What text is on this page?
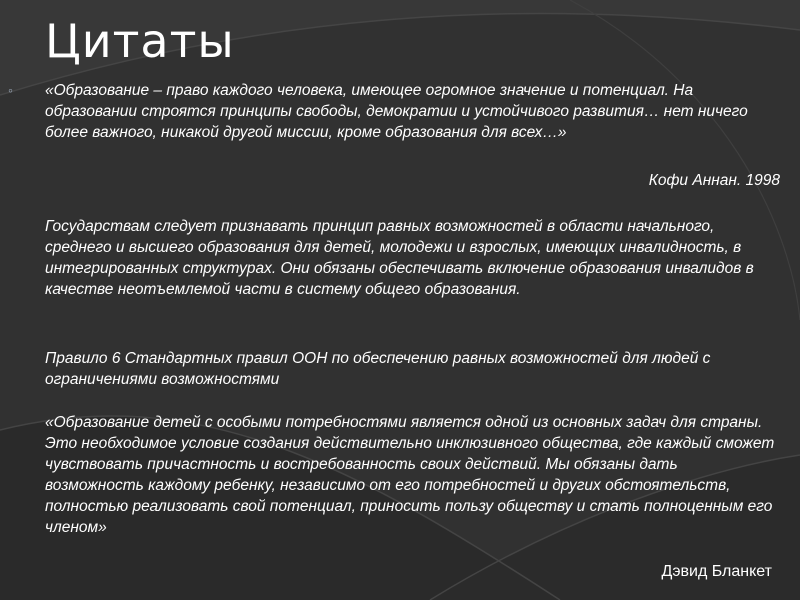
Цитаты
◦ «Образование – право каждого человека, имеющее огромное значение и потенциал. На образовании строятся принципы свободы, демократии и устойчивого развития… нет ничего более важного, никакой другой миссии, кроме образования для всех…»
Кофи Аннан. 1998
Государствам следует признавать принцип равных возможностей в области начального, среднего и высшего образования для детей, молодежи и взрослых, имеющих инвалидность, в интегрированных структурах. Они обязаны обеспечивать включение образования инвалидов в качестве неотъемлемой части в систему общего образования.
Правило 6 Стандартных правил ООН по обеспечению равных возможностей для людей с ограничениями возможностями
«Образование детей с особыми потребностями является одной из основных задач для страны. Это необходимое условие создания действительно инклюзивного общества, где каждый сможет чувствовать причастность и востребованность своих действий. Мы обязаны дать возможность каждому ребенку, независимо от его потребностей и других обстоятельств, полностью реализовать свой потенциал, приносить пользу обществу и стать полноценным его членом»
Дэвид Бланкет
